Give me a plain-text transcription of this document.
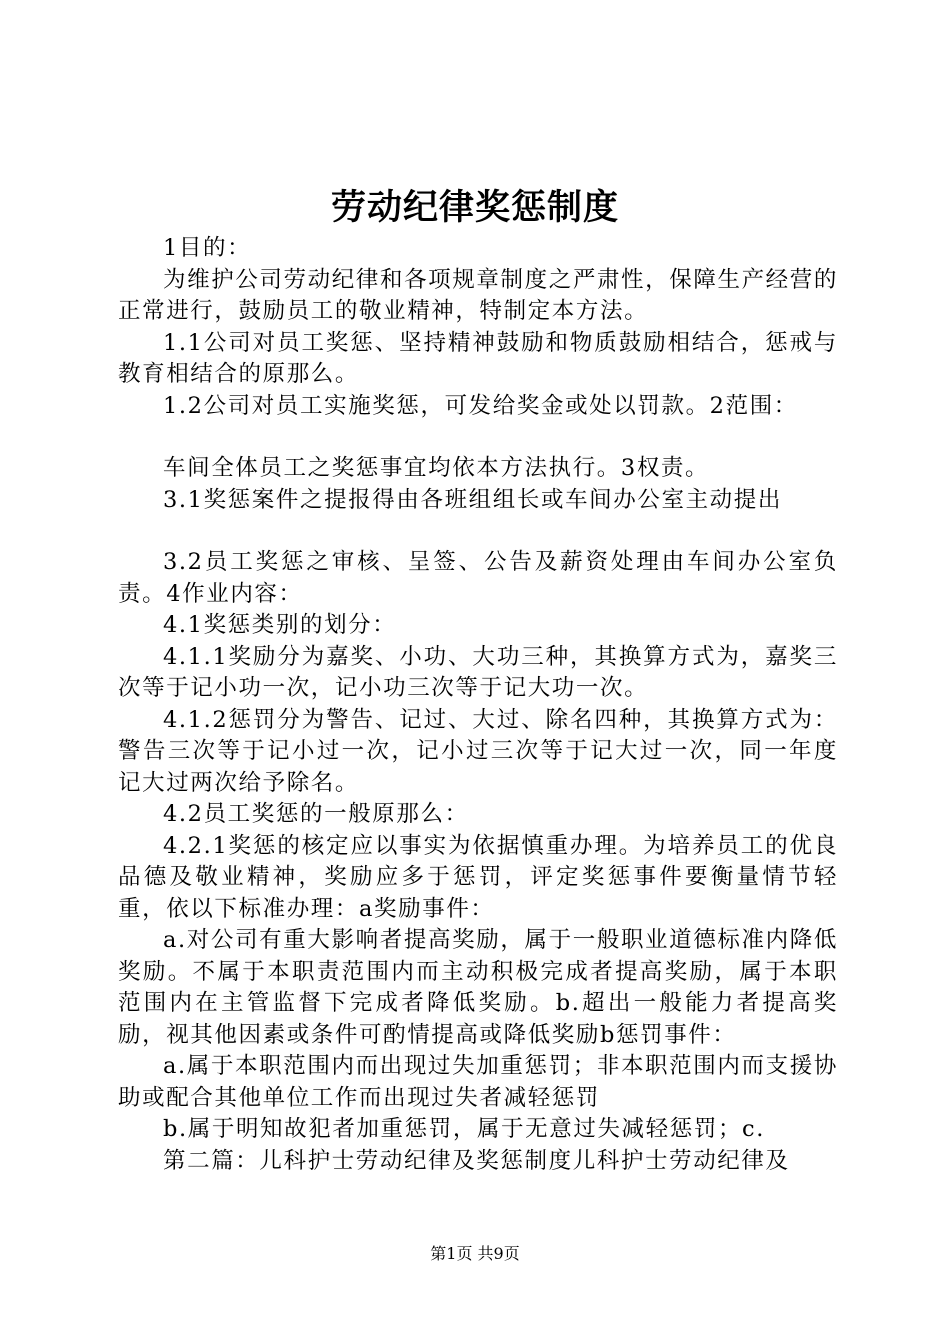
劳动纪律奖惩制度

1目的：

为维护公司劳动纪律和各项规章制度之严肃性，保障生产经营的正常进行，鼓励员工的敬业精神，特制定本方法。

1.1公司对员工奖惩、坚持精神鼓励和物质鼓励相结合，惩戒与教育相结合的原那么。

1.2公司对员工实施奖惩，可发给奖金或处以罚款。2范围：

车间全体员工之奖惩事宜均依本方法执行。3权责。

3.1奖惩案件之提报得由各班组组长或车间办公室主动提出

3.2员工奖惩之审核、呈签、公告及薪资处理由车间办公室负责。4作业内容：

4.1奖惩类别的划分：

4.1.1奖励分为嘉奖、小功、大功三种，其换算方式为，嘉奖三次等于记小功一次，记小功三次等于记大功一次。

4.1.2惩罚分为警告、记过、大过、除名四种，其换算方式为：警告三次等于记小过一次，记小过三次等于记大过一次，同一年度记大过两次给予除名。

4.2员工奖惩的一般原那么：

4.2.1奖惩的核定应以事实为依据慎重办理。为培养员工的优良品德及敬业精神，奖励应多于惩罚，评定奖惩事件要衡量情节轻重，依以下标准办理：a奖励事件：

a.对公司有重大影响者提高奖励，属于一般职业道德标准内降低奖励。不属于本职责范围内而主动积极完成者提高奖励，属于本职范围内在主管监督下完成者降低奖励。b.超出一般能力者提高奖励，视其他因素或条件可酌情提高或降低奖励b惩罚事件：

a.属于本职范围内而出现过失加重惩罚；非本职范围内而支援协助或配合其他单位工作而出现过失者减轻惩罚

b.属于明知故犯者加重惩罚，属于无意过失减轻惩罚；c.

第二篇：儿科护士劳动纪律及奖惩制度儿科护士劳动纪律及

第1页 共9页
